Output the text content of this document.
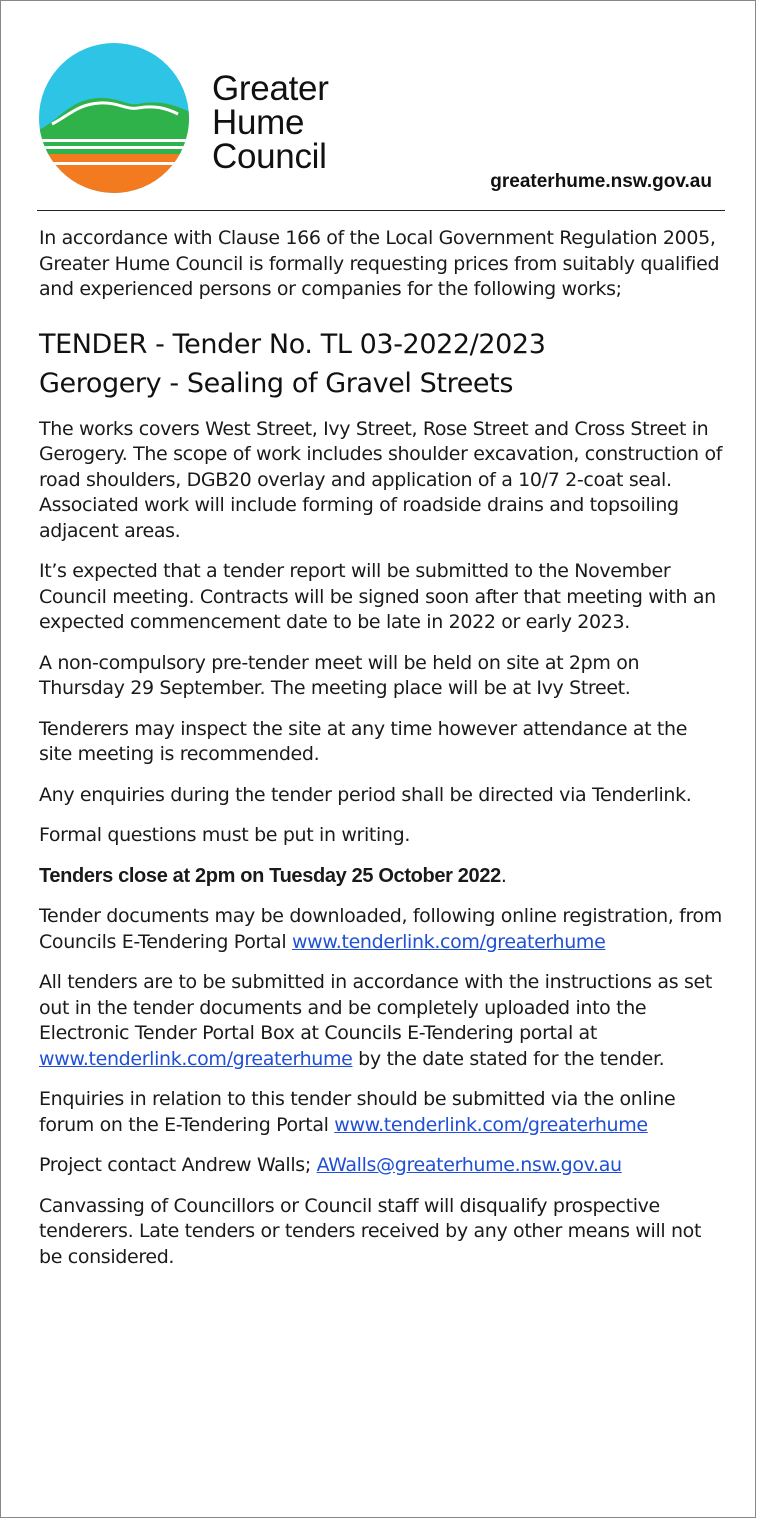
Greater
Hume
Council
greaterhume.nsw.gov.au

In accordance with Clause 166 of the Local Government Regulation 2005, Greater Hume Council is formally requesting prices from suitably qualified and experienced persons or companies for the following works;

TENDER - Tender No. TL 03-2022/2023
Gerogery - Sealing of Gravel Streets

The works covers West Street, Ivy Street, Rose Street and Cross Street in Gerogery. The scope of work includes shoulder excavation, construction of road shoulders, DGB20 overlay and application of a 10/7 2-coat seal. Associated work will include forming of roadside drains and topsoiling adjacent areas.

It’s expected that a tender report will be submitted to the November Council meeting. Contracts will be signed soon after that meeting with an expected commencement date to be late in 2022 or early 2023.

A non-compulsory pre-tender meet will be held on site at 2pm on Thursday 29 September. The meeting place will be at Ivy Street.

Tenderers may inspect the site at any time however attendance at the site meeting is recommended.

Any enquiries during the tender period shall be directed via Tenderlink.

Formal questions must be put in writing.

Tenders close at 2pm on Tuesday 25 October 2022.

Tender documents may be downloaded, following online registration, from Councils E-Tendering Portal www.tenderlink.com/greaterhume

All tenders are to be submitted in accordance with the instructions as set out in the tender documents and be completely uploaded into the Electronic Tender Portal Box at Councils E-Tendering portal at www.tenderlink.com/greaterhume by the date stated for the tender.

Enquiries in relation to this tender should be submitted via the online forum on the E-Tendering Portal www.tenderlink.com/greaterhume

Project contact Andrew Walls; AWalls@greaterhume.nsw.gov.au

Canvassing of Councillors or Council staff will disqualify prospective tenderers. Late tenders or tenders received by any other means will not be considered.
